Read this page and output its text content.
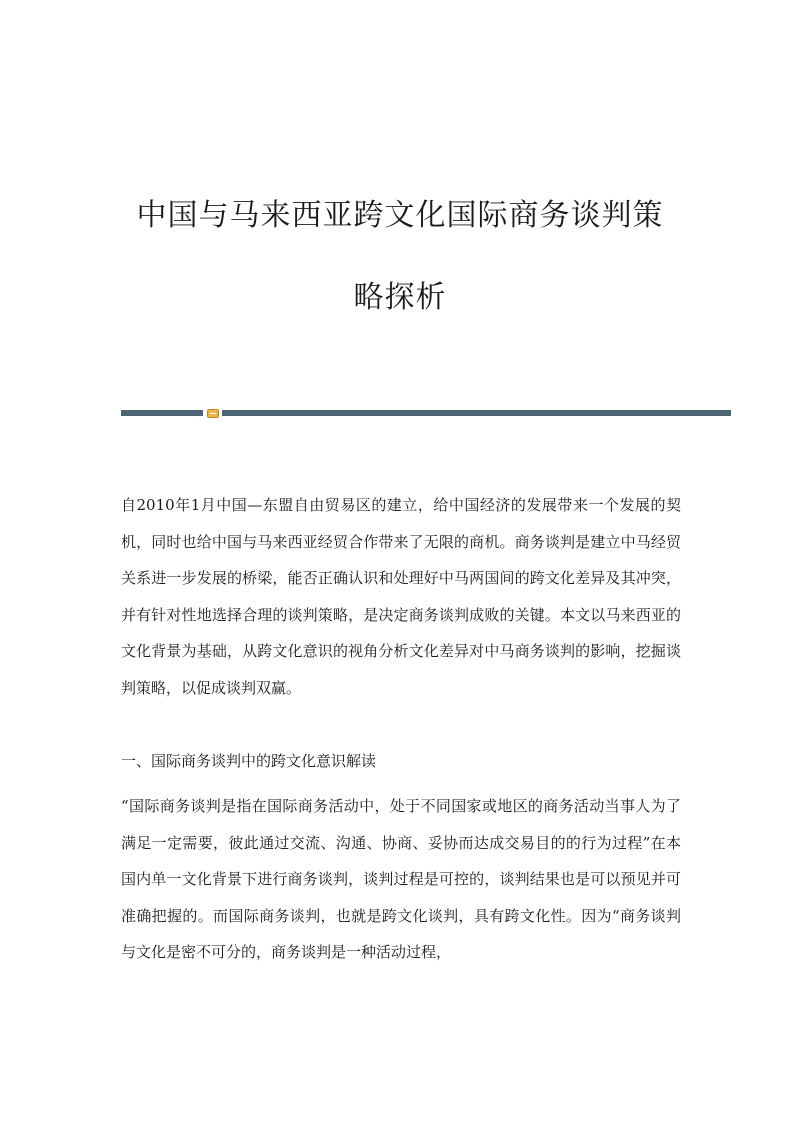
中国与马来西亚跨文化国际商务谈判策
略探析

自2010年1月中国—东盟自由贸易区的建立，给中国经济的发展带来一个发展的契机，同时也给中国与马来西亚经贸合作带来了无限的商机。商务谈判是建立中马经贸关系进一步发展的桥梁，能否正确认识和处理好中马两国间的跨文化差异及其冲突，并有针对性地选择合理的谈判策略，是决定商务谈判成败的关键。本文以马来西亚的文化背景为基础，从跨文化意识的视角分析文化差异对中马商务谈判的影响，挖掘谈判策略，以促成谈判双赢。

一、国际商务谈判中的跨文化意识解读

“国际商务谈判是指在国际商务活动中，处于不同国家或地区的商务活动当事人为了满足一定需要，彼此通过交流、沟通、协商、妥协而达成交易目的的行为过程”在本国内单一文化背景下进行商务谈判，谈判过程是可控的，谈判结果也是可以预见并可准确把握的。而国际商务谈判，也就是跨文化谈判，具有跨文化性。因为“商务谈判与文化是密不可分的，商务谈判是一种活动过程，
